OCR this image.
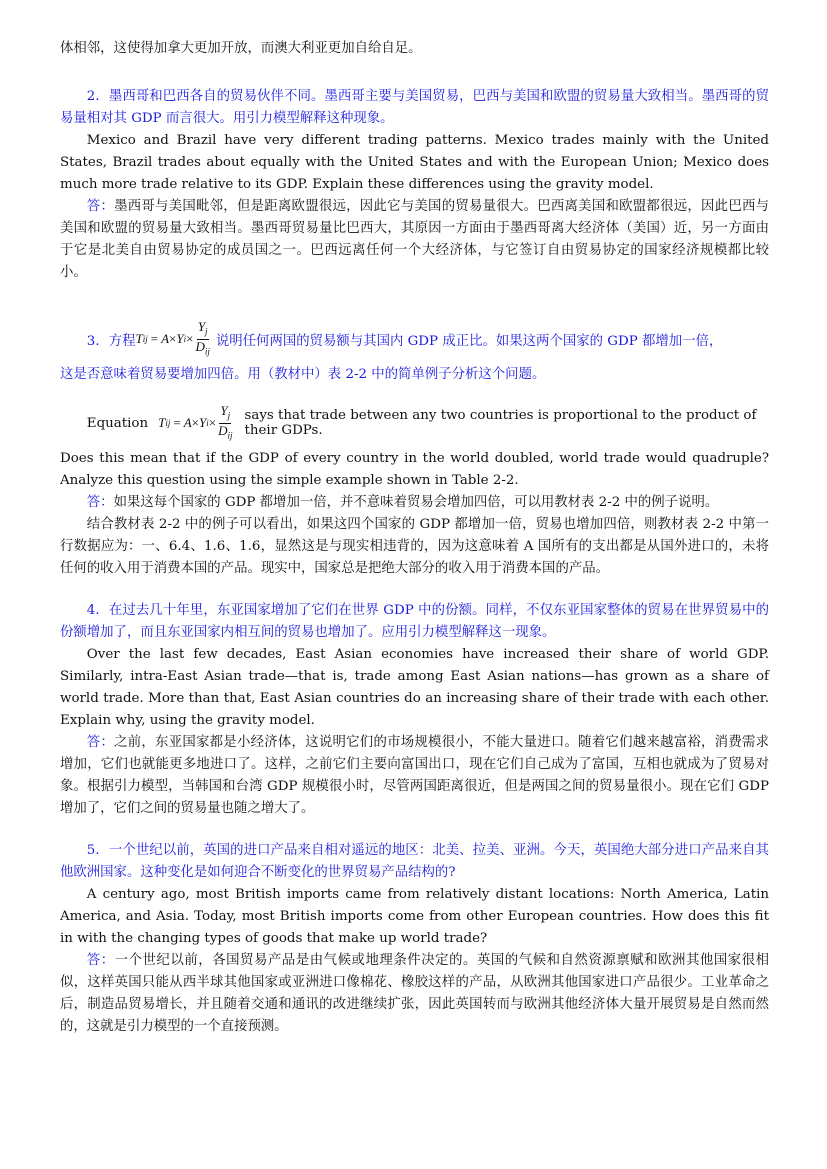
体相邻，这使得加拿大更加开放，而澳大利亚更加自给自足。

2．墨西哥和巴西各自的贸易伙伴不同。墨西哥主要与美国贸易，巴西与美国和欧盟的贸易量大致相当。墨西哥的贸易量相对其 GDP 而言很大。用引力模型解释这种现象。

Mexico and Brazil have very different trading patterns. Mexico trades mainly with the United States, Brazil trades about equally with the United States and with the European Union; Mexico does much more trade relative to its GDP. Explain these differences using the gravity model.

答：墨西哥与美国毗邻，但是距离欧盟很远，因此它与美国的贸易量很大。巴西离美国和欧盟都很远，因此巴西与美国和欧盟的贸易量大致相当。墨西哥贸易量比巴西大，其原因一方面由于墨西哥离大经济体（美国）近，另一方面由于它是北美自由贸易协定的成员国之一。巴西远离任何一个大经济体，与它签订自由贸易协定的国家经济规模都比较小。

3．方程 T ij = A × Y $i \times \frac{Y_j}{D_{ij}}$ 说明任何两国的贸易额与其国内 GDP 成正比。如果这两个国家的 GDP 都增加一倍，

这是否意味着贸易要增加四倍。用（教材中）表 2-2 中的简单例子分析这个问题。

Equation T ij = A × Y $i \times \frac{Y_j}{D_{ij}}$ says that trade between any two countries is proportional to the product of their GDPs.

Does this mean that if the GDP of every country in the world doubled, world trade would quadruple? Analyze this question using the simple example shown in Table 2-2.

答：如果这每个国家的 GDP 都增加一倍，并不意味着贸易会增加四倍，可以用教材表 2-2 中的例子说明。

结合教材表 2-2 中的例子可以看出，如果这四个国家的 GDP 都增加一倍，贸易也增加四倍，则教材表 2-2 中第一行数据应为：一、6.4、1.6、1.6，显然这是与现实相违背的，因为这意味着 A 国所有的支出都是从国外进口的，未将任何的收入用于消费本国的产品。现实中，国家总是把绝大部分的收入用于消费本国的产品。

4．在过去几十年里，东亚国家增加了它们在世界 GDP 中的份额。同样，不仅东亚国家整体的贸易在世界贸易中的份额增加了，而且东亚国家内相互间的贸易也增加了。应用引力模型解释这一现象。

Over the last few decades, East Asian economies have increased their share of world GDP. Similarly, intra-East Asian trade—that is, trade among East Asian nations—has grown as a share of world trade. More than that, East Asian countries do an increasing share of their trade with each other. Explain why, using the gravity model.

答：之前，东亚国家都是小经济体，这说明它们的市场规模很小，不能大量进口。随着它们越来越富裕，消费需求增加，它们也就能更多地进口了。这样，之前它们主要向富国出口，现在它们自己成为了富国，互相也就成为了贸易对象。根据引力模型，当韩国和台湾 GDP 规模很小时，尽管两国距离很近，但是两国之间的贸易量很小。现在它们 GDP 增加了，它们之间的贸易量也随之增大了。

5．一个世纪以前，英国的进口产品来自相对遥远的地区：北美、拉美、亚洲。今天，英国绝大部分进口产品来自其他欧洲国家。这种变化是如何迎合不断变化的世界贸易产品结构的?

A century ago, most British imports came from relatively distant locations: North America, Latin America, and Asia. Today, most British imports come from other European countries. How does this fit in with the changing types of goods that make up world trade?

答：一个世纪以前，各国贸易产品是由气候或地理条件决定的。英国的气候和自然资源禀赋和欧洲其他国家很相似，这样英国只能从西半球其他国家或亚洲进口像棉花、橡胶这样的产品，从欧洲其他国家进口产品很少。工业革命之后，制造品贸易增长，并且随着交通和通讯的改进继续扩张，因此英国转而与欧洲其他经济体大量开展贸易是自然而然的，这就是引力模型的一个直接预测。
